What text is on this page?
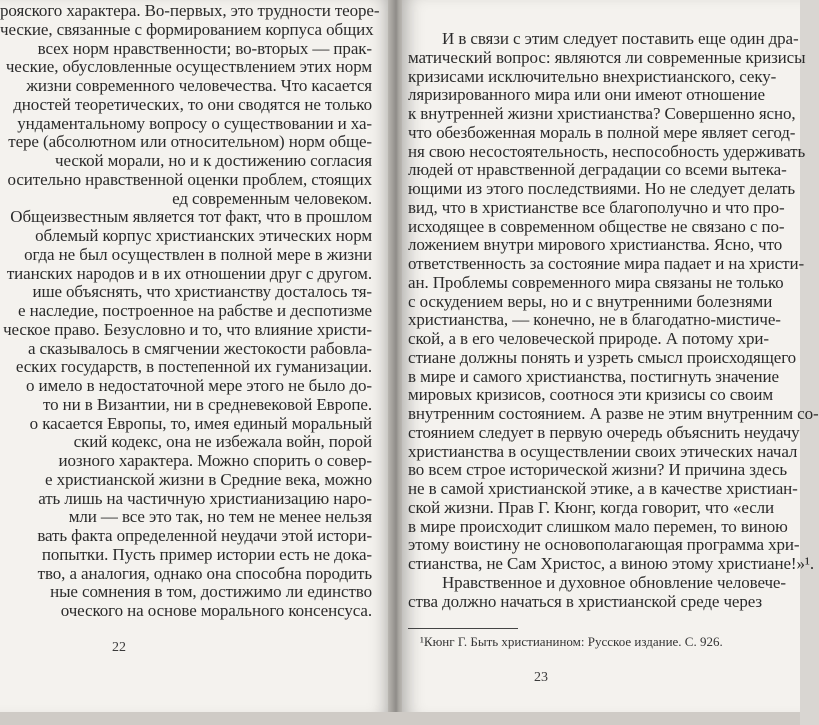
рояского характера. Во-первых, это трудности теоре-
ческие, связанные с формированием корпуса общих
всех норм нравственности; во-вторых — прак-
ческие, обусловленные осуществлением этих норм
жизни современного человечества. Что касается
дностей теоретических, то они сводятся не только
ундаментальному вопросу о существовании и ха-
тере (абсолютном или относительном) норм обще-
ческой морали, но и к достижению согласия
осительно нравственной оценки проблем, стоящих
ед современным человеком.
Общеизвестным является тот факт, что в прошлом
облемый корпус христианских этических норм
огда не был осуществлен в полной мере в жизни
тианских народов и в их отношении друг с другом.
ише объяснять, что христианству досталось тя-
е наследие, построенное на рабстве и деспотизме
ческое право. Безусловно и то, что влияние христи-
а сказывалось в смягчении жестокости рабовла-
еских государств, в постепенной их гуманизации.
о имело в недостаточной мере этого не было до-
то ни в Византии, ни в средневековой Европе.
о касается Европы, то, имея единый моральный
ский кодекс, она не избежала войн, порой
иозного характера. Можно спорить о совер-
е христианской жизни в Средние века, можно
ать лишь на частичную христианизацию наро-
мли — все это так, но тем не менее нельзя
вать факта определенной неудачи этой истори-
попытки. Пусть пример истории есть не дока-
тво, а аналогия, однако она способна породить
ные сомнения в том, достижимо ли единство
оческого на основе морального консенсуса.
22
И в связи с этим следует поставить еще один дра-
матический вопрос: являются ли современные кризисы
кризисами исключительно внехристианского, секу-
ляризированного мира или они имеют отношение
к внутренней жизни христианства? Совершенно ясно,
что обезбоженная мораль в полной мере являет сегод-
ня свою несостоятельность, неспособность удерживать
людей от нравственной деградации со всеми вытека-
ющими из этого последствиями. Но не следует делать
вид, что в христианстве все благополучно и что про-
исходящее в современном обществе не связано с по-
ложением внутри мирового христианства. Ясно, что
ответственность за состояние мира падает и на христи-
ан. Проблемы современного мира связаны не только
с оскудением веры, но и с внутренними болезнями
христианства, — конечно, не в благодатно-мистиче-
ской, а в его человеческой природе. А потому хри-
стиане должны понять и узреть смысл происходящего
в мире и самого христианства, постигнуть значение
мировых кризисов, соотнося эти кризисы со своим
внутренним состоянием. А разве не этим внутренним со-
стоянием следует в первую очередь объяснить неудачу
христианства в осуществлении своих этических начал
во всем строе исторической жизни? И причина здесь
не в самой христианской этике, а в качестве христиан-
ской жизни. Прав Г. Кюнг, когда говорит, что «если
в мире происходит слишком мало перемен, то виною
этому воистину не основополагающая программа хри-
стианства, не Сам Христос, а виною этому христиане!»¹.
Нравственное и духовное обновление человече-
ства должно начаться в христианской среде через
¹Кюнг Г. Быть христианином: Русское издание. С. 926.
23
